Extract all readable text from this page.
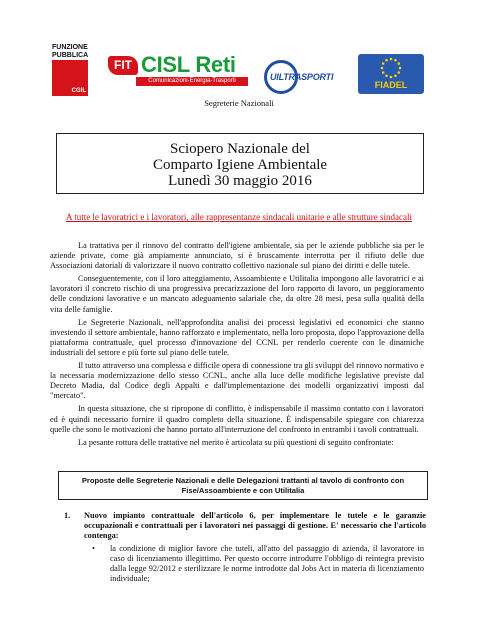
FUNZIONE
PUBBLICA
CGIL
FIT CISL Reti
Comunicazioni-Energia-Trasporti	UILTRASPORTI
FIADEL
Segreterie Nazionali
Sciopero Nazionale del
Comparto Igiene Ambientale
Lunedì 30 maggio 2016
A tutte le lavoratrici e i lavoratori, alle rappresentanze sindacali unitarie e alle strutture sindacali

La trattativa per il rinnovo del contratto dell'igiene ambientale, sia per le aziende pubbliche sia per le aziende private, come già ampiamente annunciato, si è bruscamente interrotta per il rifiuto delle due Associazioni datoriali di valorizzare il nuovo contratto collettivo nazionale sul piano dei diritti e delle tutele.

Conseguentemente, con il loro atteggiamento, Assoambiente e Utilitalia impongono alle lavoratrici e ai lavoratori il concreto rischio di una progressiva precarizzazione del loro rapporto di lavoro, un peggioramento delle condizioni lavorative e un mancato adeguamento salariale che, da oltre 28 mesi, pesa sulla qualità della vita delle famiglie.

Le Segreterie Nazionali, nell'approfondita analisi dei processi legislativi ed economici che stanno investendo il settore ambientale, hanno rafforzato e implementato, nella loro proposta, dopo l'approvazione della piattaforma contrattuale, quel processo d'innovazione del CCNL per renderlo coerente con le dinamiche industriali del settore e più forte sul piano delle tutele.

Il tutto attraverso una complessa e difficile opera di connessione tra gli sviluppi del rinnovo normativo e la necessaria modernizzazione dello stesso CCNL, anche alla luce delle modifiche legislative previste dal Decreto Madia, dal Codice degli Appalti e dall'implementazione dei modelli organizzativi imposti dal "mercato".

In questa situazione, che si ripropone di conflitto, è indispensabile il massimo contatto con i lavoratori ed è quindi necessario fornire il quadro completo della situazione. È indispensabile spiegare con chiarezza quelle che sono le motivazioni che hanno portato all'interruzione del confronto in entrambi i tavoli contrattuali.

La pesante rottura delle trattative nel merito è articolata su più questioni di seguito confrontate:

Proposte delle Segreterie Nazionali e delle Delegazioni trattanti al tavolo di confronto con
Fise/Assoambiente e con Utilitalia
1.	Nuovo impianto contrattuale dell'articolo 6, per implementare le tutele e le garanzie occupazionali e contrattuali per i lavoratori nei passaggi di gestione. E' necessario che l'articolo contenga:
•	la condizione di miglior favore che tuteli, all'atto del passaggio di azienda, il lavoratore in caso di licenziamento illegittimo. Per questo occorre introdurre l'obbligo di reintegra previsto dalla legge 92/2012 e sterilizzare le norme introdotte dal Jobs Act in materia di licenziamento individuale;
